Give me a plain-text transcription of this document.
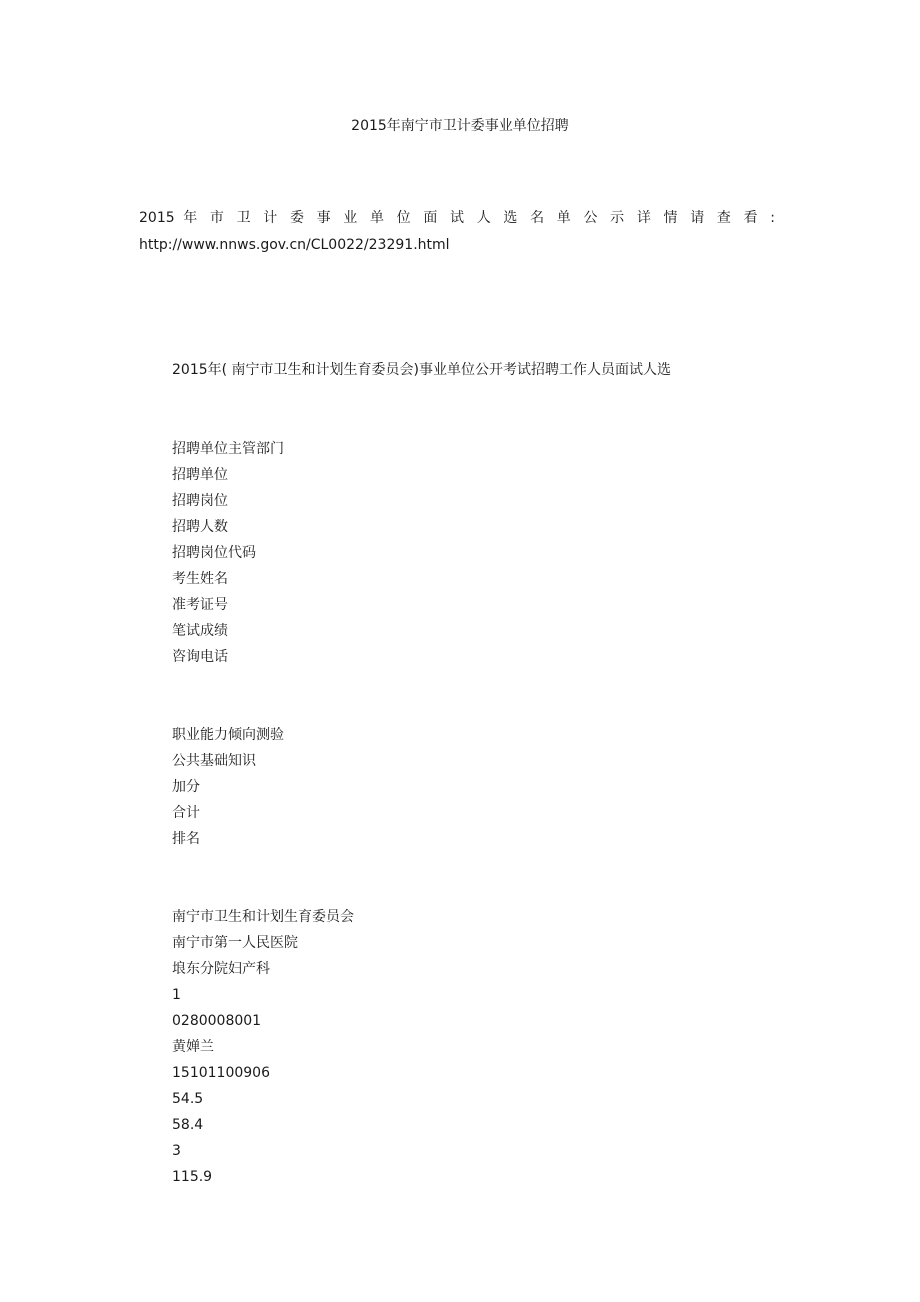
2015年南宁市卫计委事业单位招聘
2015 年 市 卫 计 委 事 业 单 位 面 试 人 选 名 单 公 示 详 情 请 查 看 :
http://www.nnws.gov.cn/CL0022/23291.html
2015年( 南宁市卫生和计划生育委员会)事业单位公开考试招聘工作人员面试人选
招聘单位主管部门
招聘单位
招聘岗位
招聘人数
招聘岗位代码
考生姓名
准考证号
笔试成绩
咨询电话
职业能力倾向测验
公共基础知识
加分
合计
排名
南宁市卫生和计划生育委员会
南宁市第一人民医院
埌东分院妇产科
1
0280008001
黄婵兰
15101100906
54.5
58.4
3
115.9
